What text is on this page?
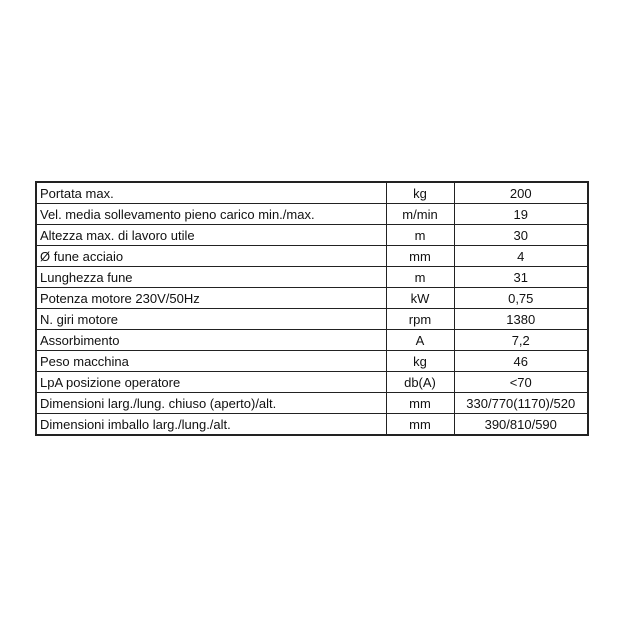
Portata max.	kg	200
Vel. media sollevamento pieno carico min./max.	m/min	19
Altezza max. di lavoro utile	m	30
Ø fune acciaio	mm	4
Lunghezza fune	m	31
Potenza motore 230V/50Hz	kW	0,75
N. giri motore	rpm	1380
Assorbimento	A	7,2
Peso macchina	kg	46
LpA posizione operatore	db(A)	<70
Dimensioni larg./lung. chiuso (aperto)/alt.	mm	330/770(1170)/520
Dimensioni imballo larg./lung./alt.	mm	390/810/590
